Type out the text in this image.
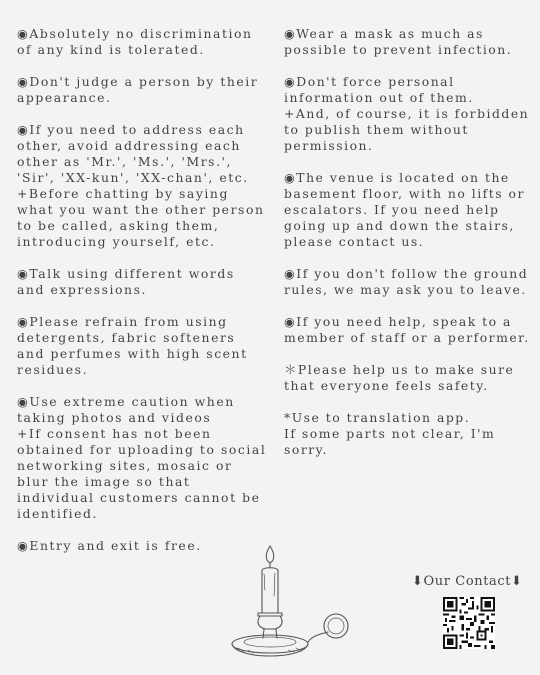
◉Absolutely no discrimination of any kind is tolerated.

◉Don't judge a person by their appearance.

◉If you need to address each other, avoid addressing each other as 'Mr.', 'Ms.', 'Mrs.', 'Sir', 'XX-kun', 'XX-chan', etc.
+Before chatting by saying what you want the other person to be called, asking them, introducing yourself, etc.

◉Talk using different words and expressions.

◉Please refrain from using detergents, fabric softeners and perfumes with high scent residues.

◉Use extreme caution when taking photos and videos
+If consent has not been obtained for uploading to social networking sites, mosaic or blur the image so that individual customers cannot be identified.

◉Entry and exit is free.

◉Wear a mask as much as possible to prevent infection.

◉Don't force personal information out of them.
+And, of course, it is forbidden to publish them without permission.

◉The venue is located on the basement floor, with no lifts or escalators. If you need help going up and down the stairs, please contact us.

◉If you don't follow the ground rules, we may ask you to leave.

◉If you need help, speak to a member of staff or a performer.

＊Please help us to make sure that everyone feels safety.

*Use to translation app.
If some parts not clear, I'm sorry.

⬇Our Contact⬇
